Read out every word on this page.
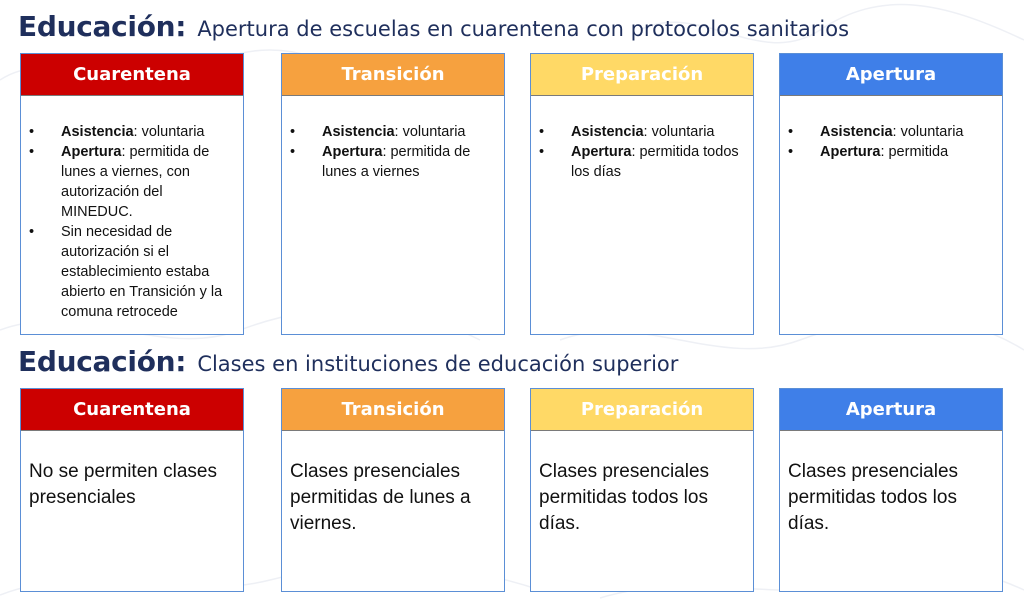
Educación: Apertura de escuelas en cuarentena con protocolos sanitarios
Cuarentena
• Asistencia: voluntaria
• Apertura: permitida de lunes a viernes, con autorización del MINEDUC.
• Sin necesidad de autorización si el establecimiento estaba abierto en Transición y la comuna retrocede
Transición
• Asistencia: voluntaria
• Apertura: permitida de lunes a viernes
Preparación
• Asistencia: voluntaria
• Apertura: permitida todos los días
Apertura
• Asistencia: voluntaria
• Apertura: permitida
Educación: Clases en instituciones de educación superior
Cuarentena
No se permiten clases presenciales
Transición
Clases presenciales permitidas de lunes a viernes.
Preparación
Clases presenciales permitidas todos los días.
Apertura
Clases presenciales permitidas todos los días.
